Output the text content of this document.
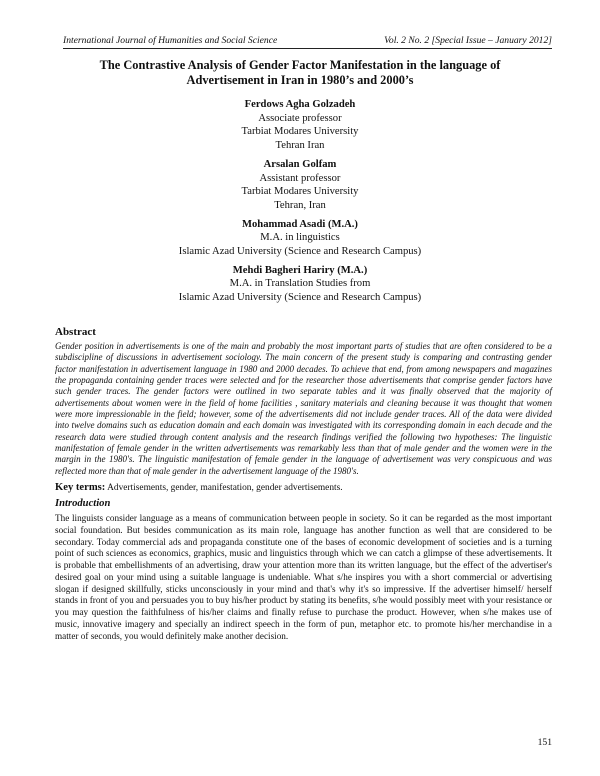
International Journal of Humanities and Social Science	Vol. 2 No. 2 [Special Issue – January 2012]
The Contrastive Analysis of Gender Factor Manifestation in the language of Advertisement in Iran in 1980’s and 2000’s
Ferdows Agha Golzadeh
Associate professor
Tarbiat Modares University
Tehran Iran
Arsalan Golfam
Assistant professor
Tarbiat Modares University
Tehran, Iran
Mohammad Asadi (M.A.)
M.A. in linguistics
Islamic Azad University (Science and Research Campus)
Mehdi Bagheri Hariry (M.A.)
M.A. in Translation Studies from
Islamic Azad University (Science and Research Campus)
Abstract

Gender position in advertisements is one of the main and probably the most important parts of studies that are often considered to be a subdiscipline of discussions in advertisement sociology. The main concern of the present study is comparing and contrasting gender factor manifestation in advertisement language in 1980 and 2000 decades. To achieve that end, from among newspapers and magazines the propaganda containing gender traces were selected and for the researcher those advertisements that comprise gender factors have such gender traces. The gender factors were outlined in two separate tables and it was finally observed that the majority of advertisements about women were in the field of home facilities , sanitary materials and cleaning because it was thought that women were more impressionable in the field; however, some of the advertisements did not include gender traces. All of the data were divided into twelve domains such as education domain and each domain was investigated with its corresponding domain in each decade and the research data were studied through content analysis and the research findings verified the following two hypotheses: The linguistic manifestation of female gender in the written advertisements was remarkably less than that of male gender and the women were in the margin in the 1980's. The linguistic manifestation of female gender in the language of advertisement was very conspicuous and was reflected more than that of male gender in the advertisement language of the 1980's.

Key terms: Advertisements, gender, manifestation, gender advertisements.
Introduction

The linguists consider language as a means of communication between people in society. So it can be regarded as the most important social foundation. But besides communication as its main role, language has another function as well that are considered to be secondary. Today commercial ads and propaganda constitute one of the bases of economic development of societies and is a turning point of such sciences as economics, graphics, music and linguistics through which we can catch a glimpse of these advertisements. It is probable that embellishments of an advertising, draw your attention more than its written language, but the effect of the advertiser's desired goal on your mind using a suitable language is undeniable. What s/he inspires you with a short commercial or advertising slogan if designed skillfully, sticks unconsciously in your mind and that's why it's so impressive. If the advertiser himself/ herself stands in front of you and persuades you to buy his/her product by stating its benefits, s/he would possibly meet with your resistance or you may question the faithfulness of his/her claims and finally refuse to purchase the product. However, when s/he makes use of music, innovative imagery and specially an indirect speech in the form of pun, metaphor etc. to promote his/her merchandise in a matter of seconds, you would definitely make another decision.

151
